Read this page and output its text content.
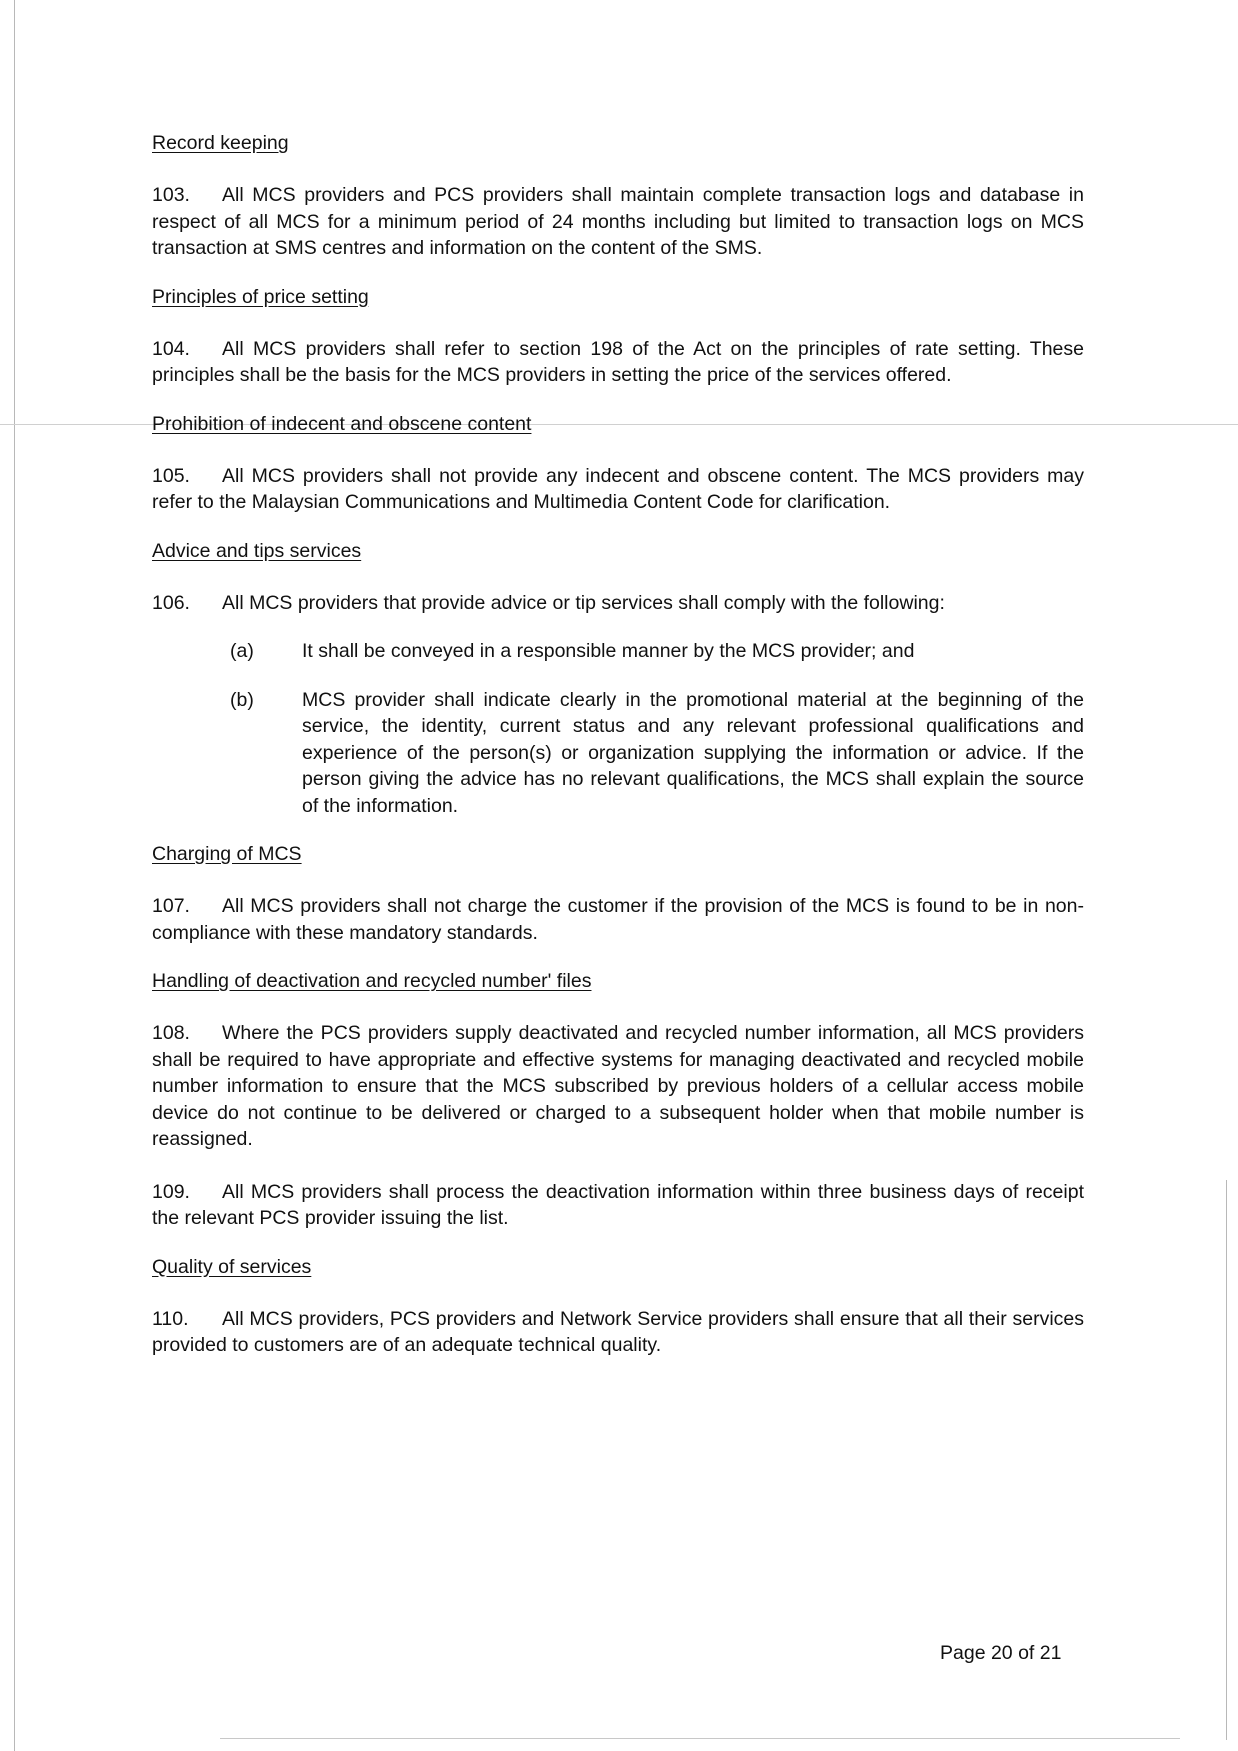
Record keeping

103. All MCS providers and PCS providers shall maintain complete transaction logs and database in respect of all MCS for a minimum period of 24 months including but limited to transaction logs on MCS transaction at SMS centres and information on the content of the SMS.

Principles of price setting

104. All MCS providers shall refer to section 198 of the Act on the principles of rate setting. These principles shall be the basis for the MCS providers in setting the price of the services offered.

Prohibition of indecent and obscene content

105. All MCS providers shall not provide any indecent and obscene content. The MCS providers may refer to the Malaysian Communications and Multimedia Content Code for clarification.

Advice and tips services

106. All MCS providers that provide advice or tip services shall comply with the following:

(a) It shall be conveyed in a responsible manner by the MCS provider; and

(b) MCS provider shall indicate clearly in the promotional material at the beginning of the service, the identity, current status and any relevant professional qualifications and experience of the person(s) or organization supplying the information or advice. If the person giving the advice has no relevant qualifications, the MCS shall explain the source of the information.

Charging of MCS

107. All MCS providers shall not charge the customer if the provision of the MCS is found to be in non-compliance with these mandatory standards.

Handling of deactivation and recycled number' files

108. Where the PCS providers supply deactivated and recycled number information, all MCS providers shall be required to have appropriate and effective systems for managing deactivated and recycled mobile number information to ensure that the MCS subscribed by previous holders of a cellular access mobile device do not continue to be delivered or charged to a subsequent holder when that mobile number is reassigned.

109. All MCS providers shall process the deactivation information within three business days of receipt the relevant PCS provider issuing the list.

Quality of services

110. All MCS providers, PCS providers and Network Service providers shall ensure that all their services provided to customers are of an adequate technical quality.

Page 20 of 21
